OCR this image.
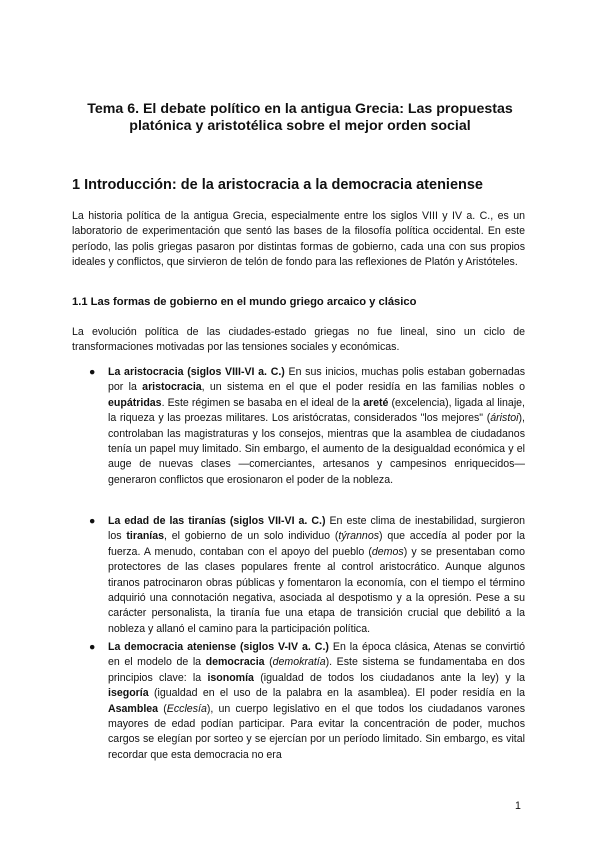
Tema 6. El debate político en la antigua Grecia: Las propuestas platónica y aristotélica sobre el mejor orden social
1 Introducción: de la aristocracia a la democracia ateniense
La historia política de la antigua Grecia, especialmente entre los siglos VIII y IV a. C., es un laboratorio de experimentación que sentó las bases de la filosofía política occidental. En este período, las polis griegas pasaron por distintas formas de gobierno, cada una con sus propios ideales y conflictos, que sirvieron de telón de fondo para las reflexiones de Platón y Aristóteles.
1.1 Las formas de gobierno en el mundo griego arcaico y clásico
La evolución política de las ciudades-estado griegas no fue lineal, sino un ciclo de transformaciones motivadas por las tensiones sociales y económicas.
● La aristocracia (siglos VIII-VI a. C.) En sus inicios, muchas polis estaban gobernadas por la aristocracia, un sistema en el que el poder residía en las familias nobles o eupátridas. Este régimen se basaba en el ideal de la areté (excelencia), ligada al linaje, la riqueza y las proezas militares. Los aristócratas, considerados "los mejores" (áristoi), controlaban las magistraturas y los consejos, mientras que la asamblea de ciudadanos tenía un papel muy limitado. Sin embargo, el aumento de la desigualdad económica y el auge de nuevas clases —comerciantes, artesanos y campesinos enriquecidos— generaron conflictos que erosionaron el poder de la nobleza.
● La edad de las tiranías (siglos VII-VI a. C.) En este clima de inestabilidad, surgieron los tiranías, el gobierno de un solo individuo (týrannos) que accedía al poder por la fuerza. A menudo, contaban con el apoyo del pueblo (demos) y se presentaban como protectores de las clases populares frente al control aristocrático. Aunque algunos tiranos patrocinaron obras públicas y fomentaron la economía, con el tiempo el término adquirió una connotación negativa, asociada al despotismo y a la opresión. Pese a su carácter personalista, la tiranía fue una etapa de transición crucial que debilitó a la nobleza y allanó el camino para la participación política.
● La democracia ateniense (siglos V-IV a. C.) En la época clásica, Atenas se convirtió en el modelo de la democracia (demokratía). Este sistema se fundamentaba en dos principios clave: la isonomía (igualdad de todos los ciudadanos ante la ley) y la isegoría (igualdad en el uso de la palabra en la asamblea). El poder residía en la Asamblea (Ecclesía), un cuerpo legislativo en el que todos los ciudadanos varones mayores de edad podían participar. Para evitar la concentración de poder, muchos cargos se elegían por sorteo y se ejercían por un período limitado. Sin embargo, es vital recordar que esta democracia no era
1
